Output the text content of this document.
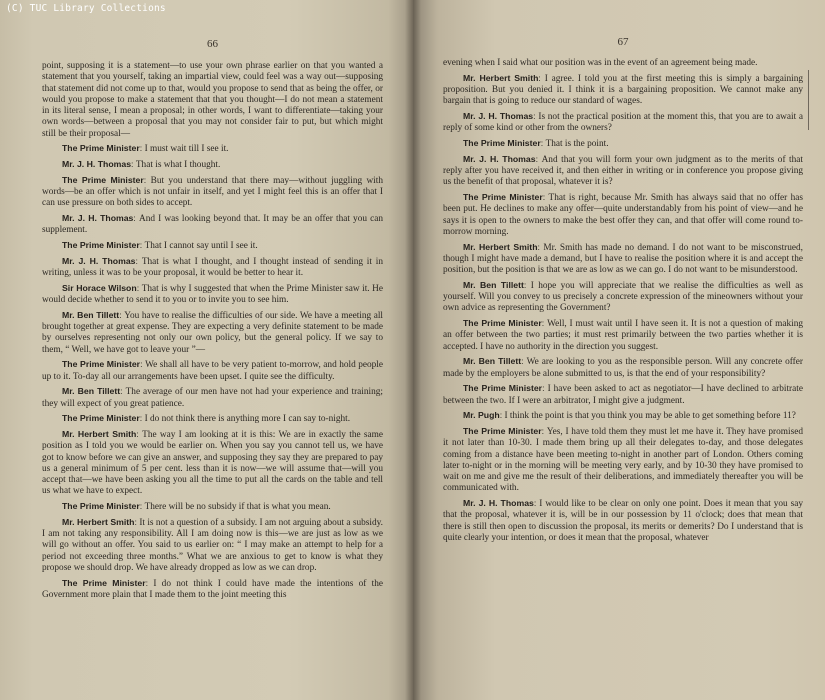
(C) TUC Library Collections
66

point, supposing it is a statement—to use your own phrase earlier on that you wanted a statement that you yourself, taking an impartial view, could feel was a way out—supposing that statement did not come up to that, would you propose to send that as being the offer, or would you propose to make a statement that that you thought—I do not mean a statement in its literal sense, I mean a proposal; in other words, I want to differentiate—taking your own words—between a proposal that you may not consider fair to put, but which might still be their proposal—

The Prime Minister : I must wait till I see it.

Mr. J. H. Thomas : That is what I thought.

The Prime Minister : But you understand that there may—without juggling with words—be an offer which is not unfair in itself, and yet I might feel this is an offer that I can use pressure on both sides to accept.

Mr. J. H. Thomas : And I was looking beyond that. It may be an offer that you can supplement.

The Prime Minister : That I cannot say until I see it.

Mr. J. H. Thomas : That is what I thought, and I thought instead of sending it in writing, unless it was to be your proposal, it would be better to hear it.

Sir Horace Wilson : That is why I suggested that when the Prime Minister saw it. He would decide whether to send it to you or to invite you to see him.

Mr. Ben Tillett : You have to realise the difficulties of our side. We have a meeting all brought together at great expense. They are expecting a very definite statement to be made by ourselves representing not only our own policy, but the general policy. If we say to them, “ Well, we have got to leave your ”—

The Prime Minister : We shall all have to be very patient to-morrow, and hold people up to it. To-day all our arrangements have been upset. I quite see the difficulty.

Mr. Ben Tillett : The average of our men have not had your experience and training; they will expect of you great patience.

The Prime Minister : I do not think there is anything more I can say to-night.

Mr. Herbert Smith : The way I am looking at it is this: We are in exactly the same position as I told you we would be earlier on. When you say you cannot tell us, we have got to know before we can give an answer, and supposing they say they are prepared to pay us a general minimum of 5 per cent. less than it is now—we will assume that—will you accept that—we have been asking you all the time to put all the cards on the table and tell us what we have to expect.

The Prime Minister : There will be no subsidy if that is what you mean.

Mr. Herbert Smith : It is not a question of a subsidy. I am not arguing about a subsidy. I am not taking any responsibility. All I am doing now is this—we are just as low as we will go without an offer. You said to us earlier on: “ I may make an attempt to help for a period not exceeding three months.” What we are anxious to get to know is what they propose we should drop. We have already dropped as low as we can drop.

The Prime Minister : I do not think I could have made the intentions of the Government more plain that I made them to the joint meeting this

67

evening when I said what our position was in the event of an agreement being made.

Mr. Herbert Smith : I agree. I told you at the first meeting this is simply a bargaining proposition. But you denied it. I think it is a bargaining proposition. We cannot make any bargain that is going to reduce our standard of wages.

Mr. J. H. Thomas : Is not the practical position at the moment this, that you are to await a reply of some kind or other from the owners?

The Prime Minister : That is the point.

Mr. J. H. Thomas : And that you will form your own judgment as to the merits of that reply after you have received it, and then either in writing or in conference you propose giving us the benefit of that proposal, whatever it is?

The Prime Minister : That is right, because Mr. Smith has always said that no offer has been put. He declines to make any offer—quite understandably from his point of view—and he says it is open to the owners to make the best offer they can, and that offer will come round to-morrow morning.

Mr. Herbert Smith : Mr. Smith has made no demand. I do not want to be misconstrued, though I might have made a demand, but I have to realise the position where it is and accept the position, but the position is that we are as low as we can go. I do not want to be misunderstood.

Mr. Ben Tillett : I hope you will appreciate that we realise the difficulties as well as yourself. Will you convey to us precisely a concrete expression of the mineowners without your own advice as representing the Government?

The Prime Minister : Well, I must wait until I have seen it. It is not a question of making an offer between the two parties; it must rest primarily between the two parties whether it is accepted. I have no authority in the direction you suggest.

Mr. Ben Tillett : We are looking to you as the responsible person. Will any concrete offer made by the employers be alone submitted to us, is that the end of your responsibility?

The Prime Minister : I have been asked to act as negotiator—I have declined to arbitrate between the two. If I were an arbitrator, I might give a judgment.

Mr. Pugh : I think the point is that you think you may be able to get something before 11?

The Prime Minister : Yes, I have told them they must let me have it. They have promised it not later than 10-30. I made them bring up all their delegates to-day, and those delegates coming from a distance have been meeting to-night in another part of London. Others coming later to-night or in the morning will be meeting very early, and by 10-30 they have promised to wait on me and give me the result of their deliberations, and immediately thereafter you will be communicated with.

Mr. J. H. Thomas : I would like to be clear on only one point. Does it mean that you say that the proposal, whatever it is, will be in our possession by 11 o'clock; does that mean that there is still then open to discussion the proposal, its merits or demerits? Do I understand that is quite clearly your intention, or does it mean that the proposal, whatever
